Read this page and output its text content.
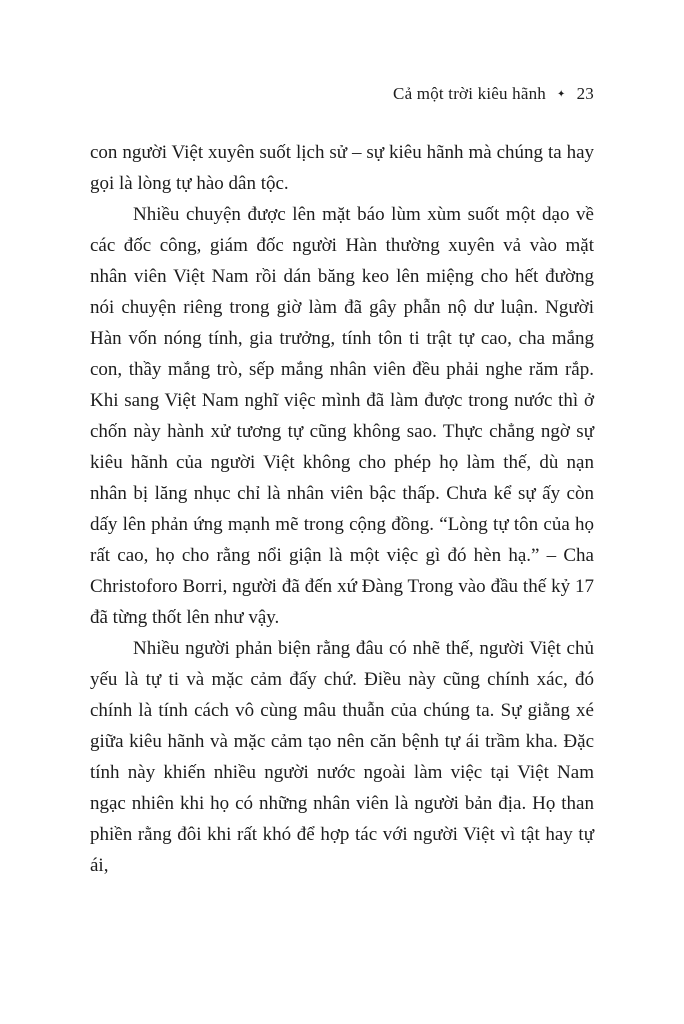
Cả một trời kiêu hãnh ✦ 23

con người Việt xuyên suốt lịch sử – sự kiêu hãnh mà chúng ta hay gọi là lòng tự hào dân tộc.

Nhiều chuyện được lên mặt báo lùm xùm suốt một dạo về các đốc công, giám đốc người Hàn thường xuyên vả vào mặt nhân viên Việt Nam rồi dán băng keo lên miệng cho hết đường nói chuyện riêng trong giờ làm đã gây phẫn nộ dư luận. Người Hàn vốn nóng tính, gia trưởng, tính tôn ti trật tự cao, cha mắng con, thầy mắng trò, sếp mắng nhân viên đều phải nghe răm rắp. Khi sang Việt Nam nghĩ việc mình đã làm được trong nước thì ở chốn này hành xử tương tự cũng không sao. Thực chẳng ngờ sự kiêu hãnh của người Việt không cho phép họ làm thế, dù nạn nhân bị lăng nhục chỉ là nhân viên bậc thấp. Chưa kể sự ấy còn dấy lên phản ứng mạnh mẽ trong cộng đồng. “Lòng tự tôn của họ rất cao, họ cho rằng nổi giận là một việc gì đó hèn hạ.” – Cha Christoforo Borri, người đã đến xứ Đàng Trong vào đầu thế kỷ 17 đã từng thốt lên như vậy.

Nhiều người phản biện rằng đâu có nhẽ thế, người Việt chủ yếu là tự ti và mặc cảm đấy chứ. Điều này cũng chính xác, đó chính là tính cách vô cùng mâu thuẫn của chúng ta. Sự giằng xé giữa kiêu hãnh và mặc cảm tạo nên căn bệnh tự ái trầm kha. Đặc tính này khiến nhiều người nước ngoài làm việc tại Việt Nam ngạc nhiên khi họ có những nhân viên là người bản địa. Họ than phiền rằng đôi khi rất khó để hợp tác với người Việt vì tật hay tự ái,
